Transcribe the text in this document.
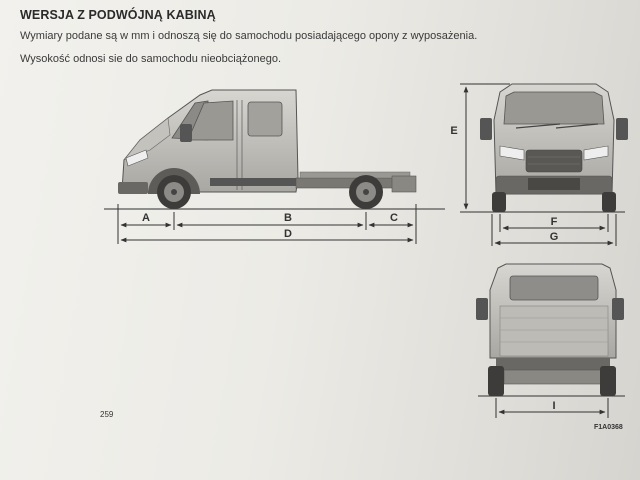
WERSJA Z PODWÓJNĄ KABINĄ
Wymiary podane są w mm i odnoszą się do samochodu posiadającego opony z wyposażenia.
Wysokość odnosi sie do samochodu nieobciążonego.
A	B	C
D
E
F
G
I
259
F1A0368
